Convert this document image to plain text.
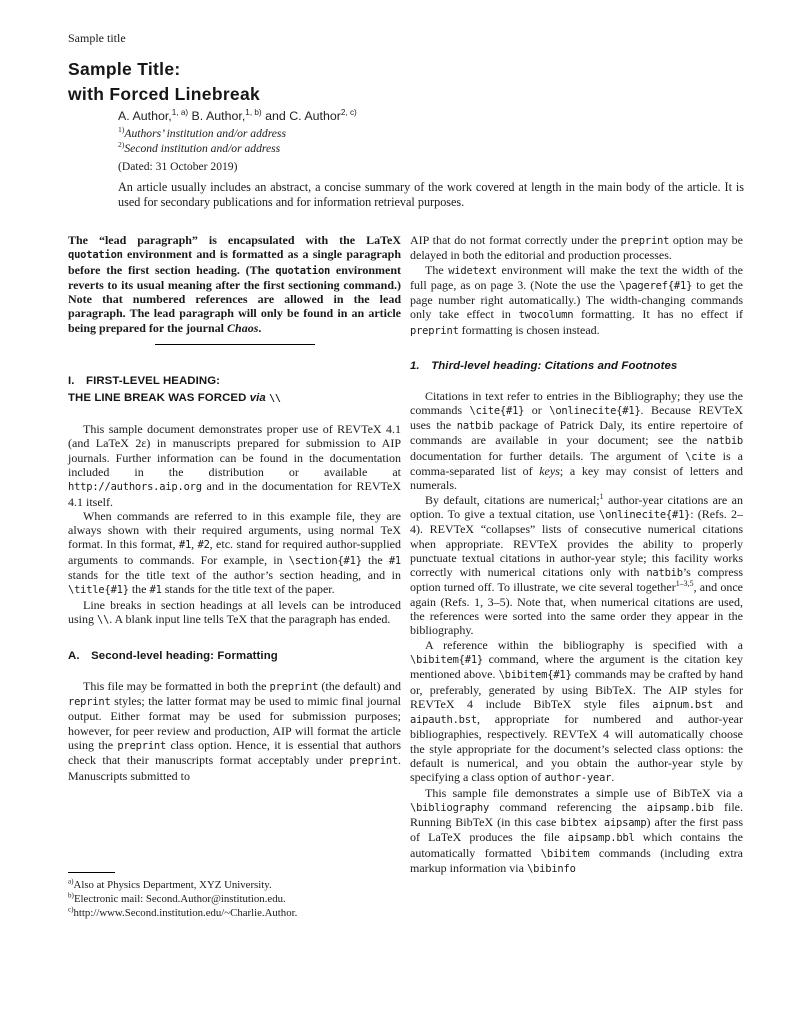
Sample title
Sample Title:
with Forced Linebreak
A. Author,$^{1, a)}$ B. Author,$^{1, b)}$ and C. Author$^{2, c)}$
$^{1)}$Authors’ institution and/or address
$^{2)}$Second institution and/or address
(Dated: 31 October 2019)
An article usually includes an abstract, a concise summary of the work covered at length in the main body of the article. It is used for secondary publications and for information retrieval purposes.

The “lead paragraph” is encapsulated with the LaTeX quotation environment and is formatted as a single paragraph before the first section heading. (The quotation environment reverts to its usual meaning after the first sectioning command.) Note that numbered references are allowed in the lead paragraph. The lead paragraph will only be found in an article being prepared for the journal Chaos.

I. FIRST-LEVEL HEADING:
THE LINE BREAK WAS FORCED via \\

This sample document demonstrates proper use of REVTeX 4.1 (and LaTeX 2ε) in manuscripts prepared for submission to AIP journals. Further information can be found in the documentation included in the distribution or available at http://authors.aip.org and in the documentation for REVTeX 4.1 itself.

When commands are referred to in this example file, they are always shown with their required arguments, using normal TeX format. In this format, #1, #2, etc. stand for required author-supplied arguments to commands. For example, in \section{#1} the #1 stands for the title text of the author’s section heading, and in \title{#1} the #1 stands for the title text of the paper.

Line breaks in section headings at all levels can be introduced using \\. A blank input line tells TeX that the paragraph has ended.

A. Second-level heading: Formatting

This file may be formatted in both the preprint (the default) and reprint styles; the latter format may be used to mimic final journal output. Either format may be used for submission purposes; however, for peer review and production, AIP will format the article using the preprint class option. Hence, it is essential that authors check that their manuscripts format acceptably under preprint. Manuscripts submitted to

AIP that do not format correctly under the preprint option may be delayed in both the editorial and production processes.

The widetext environment will make the text the width of the full page, as on page 3. (Note the use the \pageref{#1} to get the page number right automatically.) The width-changing commands only take effect in twocolumn formatting. It has no effect if preprint formatting is chosen instead.

1. Third-level heading: Citations and Footnotes

Citations in text refer to entries in the Bibliography; they use the commands \cite{#1} or \onlinecite{#1}. Because REVTeX uses the natbib package of Patrick Daly, its entire repertoire of commands are available in your document; see the natbib documentation for further details. The argument of \cite is a comma-separated list of keys; a key may consist of letters and numerals.

By default, citations are numerical;$^1$ author-year citations are an option. To give a textual citation, use \onlinecite{#1}: (Refs. 2–4). REVTeX “collapses” lists of consecutive numerical citations when appropriate. REVTeX provides the ability to properly punctuate textual citations in author-year style; this facility works correctly with numerical citations only with natbib’s compress option turned off. To illustrate, we cite several together$^{1-3,5}$, and once again (Refs. 1, 3–5). Note that, when numerical citations are used, the references were sorted into the same order they appear in the bibliography.

A reference within the bibliography is specified with a \bibitem{#1} command, where the argument is the citation key mentioned above. \bibitem{#1} commands may be crafted by hand or, preferably, generated by using BibTeX. The AIP styles for REVTeX 4 include BibTeX style files aipnum.bst and aipauth.bst, appropriate for numbered and author-year bibliographies, respectively. REVTeX 4 will automatically choose the style appropriate for the document’s selected class options: the default is numerical, and you obtain the author-year style by specifying a class option of author-year.

This sample file demonstrates a simple use of BibTeX via a \bibliography command referencing the aipsamp.bib file. Running BibTeX (in this case bibtex aipsamp) after the first pass of LaTeX produces the file aipsamp.bbl which contains the automatically formatted \bibitem commands (including extra markup information via \bibinfo

$^{a)}$Also at Physics Department, XYZ University.

$^{b)}$Electronic mail: Second.Author@institution.edu.

$^{c)}$http://www.Second.institution.edu/~Charlie.Author.
